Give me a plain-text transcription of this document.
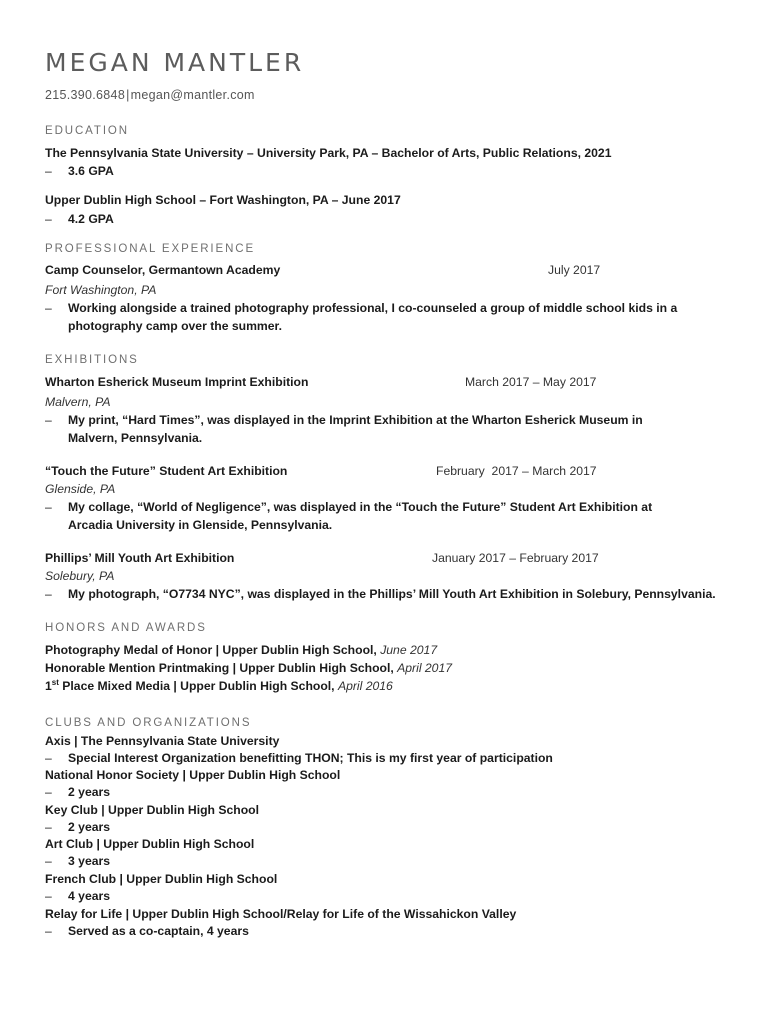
MEGAN MANTLER
215.390.6848|megan@mantler.com
EDUCATION
The Pennsylvania State University – University Park, PA – Bachelor of Arts, Public Relations, 2021
– 3.6 GPA
Upper Dublin High School – Fort Washington, PA – June 2017
– 4.2 GPA
PROFESSIONAL EXPERIENCE
Camp Counselor, Germantown Academy	July 2017
Fort Washington, PA
– Working alongside a trained photography professional, I co-counseled a group of middle school kids in a photography camp over the summer.
EXHIBITIONS
Wharton Esherick Museum Imprint Exhibition	March 2017 – May 2017
Malvern, PA
– My print, “Hard Times”, was displayed in the Imprint Exhibition at the Wharton Esherick Museum in Malvern, Pennsylvania.
“Touch the Future” Student Art Exhibition	February  2017 – March 2017
Glenside, PA
– My collage, “World of Negligence”, was displayed in the “Touch the Future” Student Art Exhibition at Arcadia University in Glenside, Pennsylvania.
Phillips’ Mill Youth Art Exhibition	January 2017 – February 2017
Solebury, PA
– My photograph, “O7734 NYC”, was displayed in the Phillips’ Mill Youth Art Exhibition in Solebury, Pennsylvania.
HONORS AND AWARDS
Photography Medal of Honor | Upper Dublin High School, June 2017
Honorable Mention Printmaking | Upper Dublin High School, April 2017
1st Place Mixed Media | Upper Dublin High School, April 2016
CLUBS AND ORGANIZATIONS
Axis | The Pennsylvania State University
– Special Interest Organization benefitting THON; This is my first year of participation
National Honor Society | Upper Dublin High School
– 2 years
Key Club | Upper Dublin High School
– 2 years
Art Club | Upper Dublin High School
– 3 years
French Club | Upper Dublin High School
– 4 years
Relay for Life | Upper Dublin High School/Relay for Life of the Wissahickon Valley
– Served as a co-captain, 4 years
